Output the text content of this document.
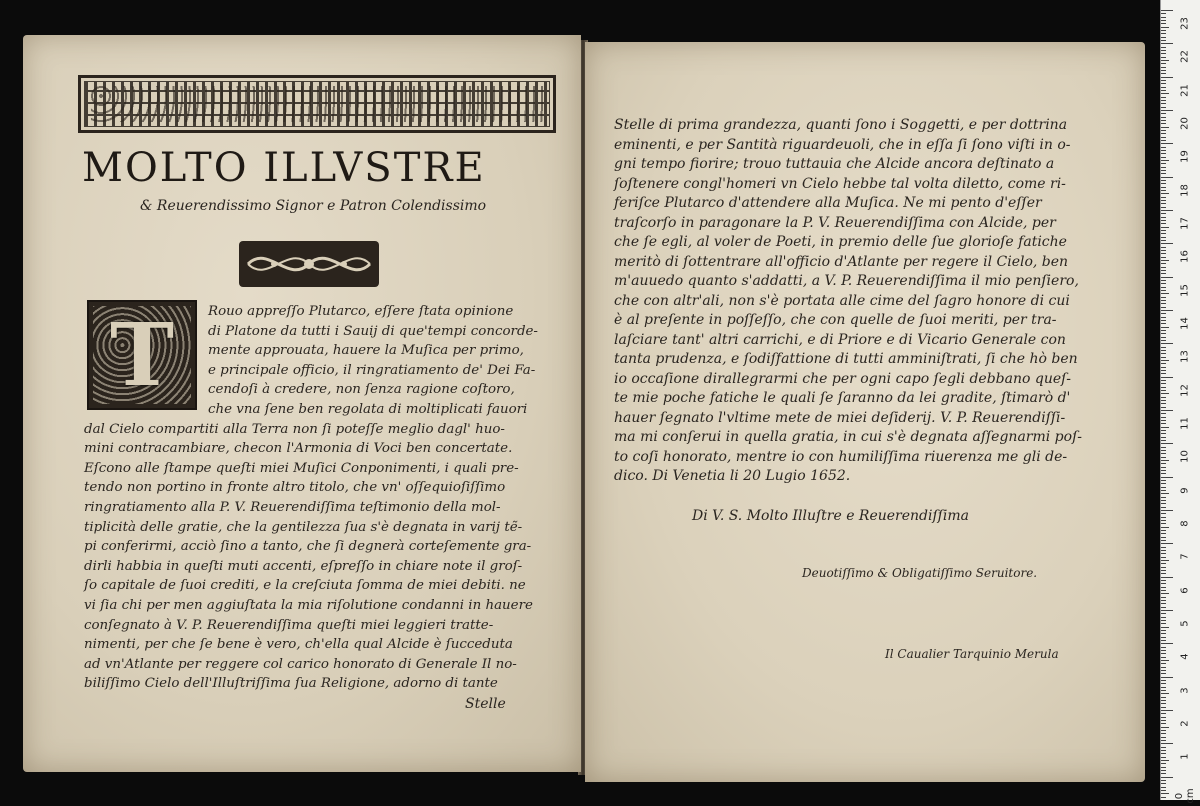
MOLTO ILLVSTRE
& Reuerendissimo Signor e Patron Colendissimo
T	Rouo appreſſo Plutarco, eſſere ſtata opinione
di Platone da tutti i Sauij di que'tempi concorde-
mente approuata, hauere la Muſica per primo,
e principale officio, il ringratiamento de' Dei Fa-
cendoſi à credere, non ſenza ragione coſtoro,
che vna ſene ben regolata di moltiplicati fauori
dal Cielo compartiti alla Terra non ſi poteſſe meglio dagl' huo-
mini contracambiare, checon l'Armonia di Voci ben concertate.
Eſcono alle ſtampe queſti miei Muſici Conponimenti, i quali pre-
tendo non portino in fronte altro titolo, che vn' oſſequioſiſſimo
ringratiamento alla P. V. Reuerendiſſima teſtimonio della mol-
tiplicità delle gratie, che la gentilezza ſua s'è degnata in varij tẽ-
pi conferirmi, acciò ſino a tanto, che ſi degnerà corteſemente gra-
dirli habbia in queſti muti accenti, eſpreſſo in chiare note il groſ-
ſo capitale de ſuoi crediti, e la creſciuta ſomma de miei debiti. ne
vi ſia chi per men aggiuſtata la mia riſolutione condanni in hauere
conſegnato à V. P. Reuerendiſſima queſti miei leggieri tratte-
nimenti, per che ſe bene è vero, ch'ella qual Alcide è ſucceduta
ad vn'Atlante per reggere col carico honorato di Generale Il no-
biliſſimo Cielo dell'Illuſtriſſima ſua Religione, adorno di tante
Stelle
Stelle di prima grandezza, quanti ſono i Soggetti, e per dottrina
eminenti, e per Santità riguardeuoli, che in eſſa ſi ſono viſti in o-
gni tempo fiorire; trouo tuttauia che Alcide ancora deſtinato a
ſoſtenere congl'homeri vn Cielo hebbe tal volta diletto, come ri-
feriſce Plutarco d'attendere alla Muſica. Ne mi pento d'eſſer
traſcorſo in paragonare la P. V. Reuerendiſſima con Alcide, per
che ſe egli, al voler de Poeti, in premio delle ſue glorioſe fatiche
meritò di ſottentrare all'officio d'Atlante per regere il Cielo, ben
m'auuedo quanto s'addatti, a V. P. Reuerendiſſima il mio penſiero,
che con altr'ali, non s'è portata alle cime del ſagro honore di cui
è al preſente in poſſeſſo, che con quelle de ſuoi meriti, per tra-
laſciare tant' altri carrichi, e di Priore e di Vicario Generale con
tanta prudenza, e ſodiſfattione di tutti amminiſtrati, ſi che hò ben
io occaſione dirallegrarmi che per ogni capo ſegli debbano queſ-
te mie poche fatiche le quali ſe ſaranno da lei gradite, ſtimarò d'
hauer ſegnato l'vltime mete de miei deſiderij. V. P. Reuerendiſſi-
ma mi conſerui in quella gratia, in cui s'è degnata aſſegnarmi poſ-
to coſi honorato, mentre io con humiliſſima riuerenza me gli de-
dico. Di Venetia li 20 Lugio 1652.
Di V. S. Molto Illuſtre e Reuerendiſſima
Deuotiſſimo & Obligatiſſimo Seruitore.
Il Caualier Tarquinio Merula
23
22
21
20
19
18
17
16
15
14
13
12
11
10
9
8
7
6
5
4
3
2
1
0 cm
